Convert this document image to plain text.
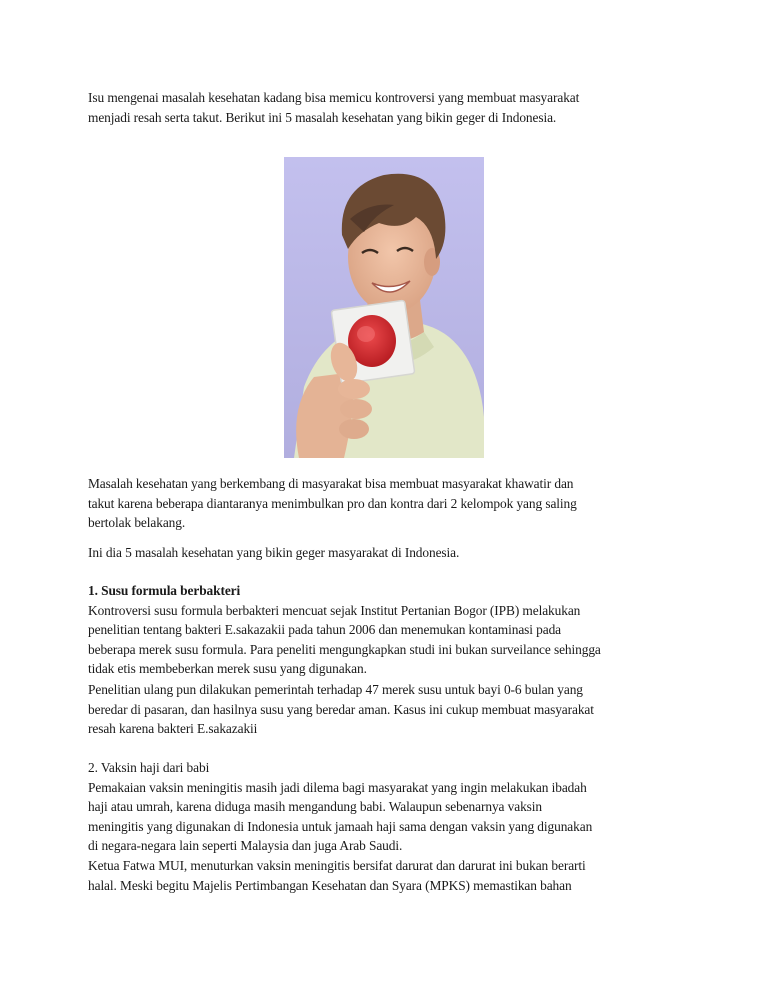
Isu mengenai masalah kesehatan kadang bisa memicu kontroversi yang membuat masyarakat
menjadi resah serta takut. Berikut ini 5 masalah kesehatan yang bikin geger di Indonesia.

Masalah kesehatan yang berkembang di masyarakat bisa membuat masyarakat khawatir dan
takut karena beberapa diantaranya menimbulkan pro dan kontra dari 2 kelompok yang saling
bertolak belakang.

Ini dia 5 masalah kesehatan yang bikin geger masyarakat di Indonesia.

1. Susu formula berbakteri
Kontroversi susu formula berbakteri mencuat sejak Institut Pertanian Bogor (IPB) melakukan
penelitian tentang bakteri E.sakazakii pada tahun 2006 dan menemukan kontaminasi pada
beberapa merek susu formula. Para peneliti mengungkapkan studi ini bukan surveilance sehingga
tidak etis membeberkan merek susu yang digunakan.

Penelitian ulang pun dilakukan pemerintah terhadap 47 merek susu untuk bayi 0-6 bulan yang
beredar di pasaran, dan hasilnya susu yang beredar aman. Kasus ini cukup membuat masyarakat
resah karena bakteri E.sakazakii

2. Vaksin haji dari babi
Pemakaian vaksin meningitis masih jadi dilema bagi masyarakat yang ingin melakukan ibadah
haji atau umrah, karena diduga masih mengandung babi. Walaupun sebenarnya vaksin
meningitis yang digunakan di Indonesia untuk jamaah haji sama dengan vaksin yang digunakan
di negara-negara lain seperti Malaysia dan juga Arab Saudi.

Ketua Fatwa MUI, menuturkan vaksin meningitis bersifat darurat dan darurat ini bukan berarti
halal. Meski begitu Majelis Pertimbangan Kesehatan dan Syara (MPKS) memastikan bahan
